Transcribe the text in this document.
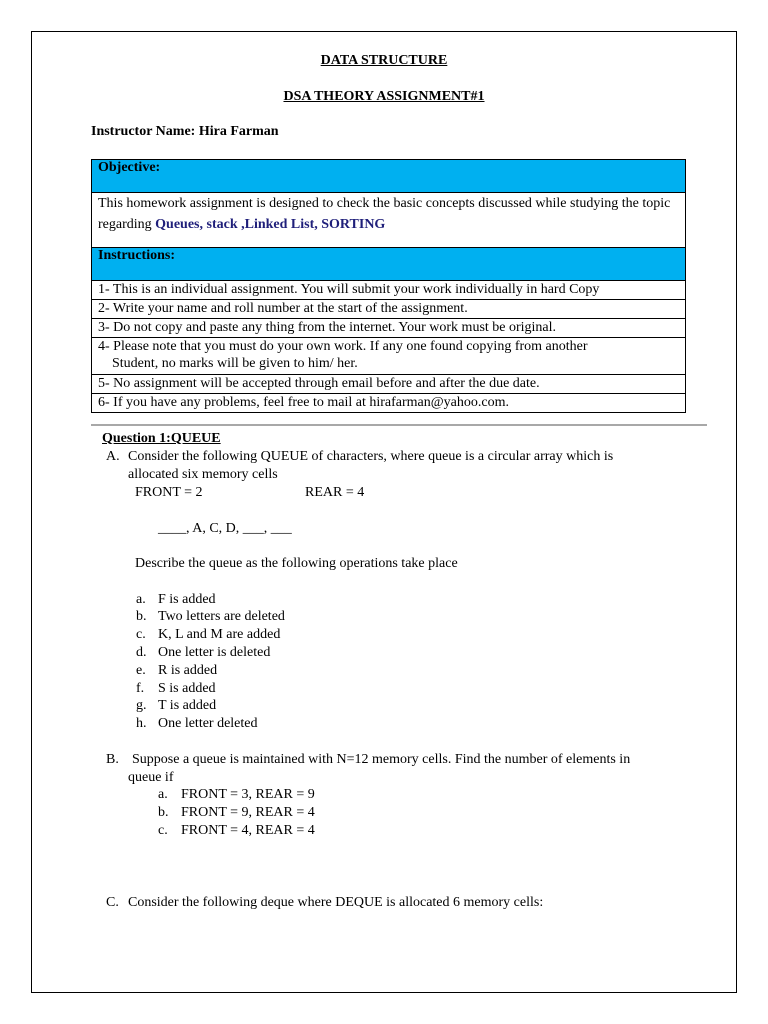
DATA STRUCTURE
DSA THEORY ASSIGNMENT#1
Instructor Name: Hira Farman
Objective:
This homework assignment is designed to check the basic concepts discussed while studying the topic regarding Queues, stack ,Linked List, SORTING
Instructions:
1- This is an individual assignment. You will submit your work individually in hard Copy
2- Write your name and roll number at the start of the assignment.
3- Do not copy and paste any thing from the internet. Your work must be original.

4- Please note that you must do your own work. If any one found copying from another
Student, no marks will be given to him/ her.

5- No assignment will be accepted through email before and after the due date.
6- If you have any problems, feel free to mail at hirafarman@yahoo.com.
Question 1:QUEUE
A. Consider the following QUEUE of characters, where queue is a circular array which is
allocated six memory cells
FRONT = 2	REAR = 4
____, A, C, D, ___, ___
Describe the queue as the following operations take place
a. F is added
b. Two letters are deleted
c. K, L and M are added
d. One letter is deleted
e. R is added
f. S is added
g. T is added
h. One letter deleted
B. Suppose a queue is maintained with N=12 memory cells. Find the number of elements in
queue if
a. FRONT = 3, REAR = 9
b. FRONT = 9, REAR = 4
c. FRONT = 4, REAR = 4
C. Consider the following deque where DEQUE is allocated 6 memory cells:
